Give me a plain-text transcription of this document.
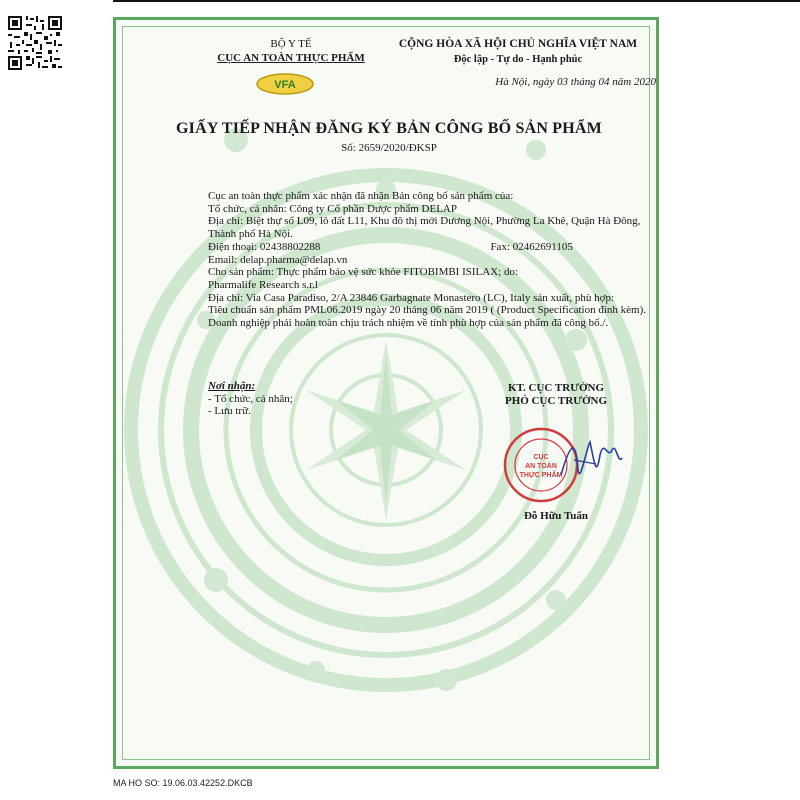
BỘ Y TẾ
CỤC AN TOÀN THỰC PHẨM
VFA
CỘNG HÒA XÃ HỘI CHỦ NGHĨA VIỆT NAM
Độc lập - Tự do - Hạnh phúc
Hà Nội, ngày 03 tháng 04 năm 2020
GIẤY TIẾP NHẬN ĐĂNG KÝ BẢN CÔNG BỐ SẢN PHẨM
Số: 2659/2020/ĐKSP

Cục an toàn thực phẩm xác nhận đã nhận Bản công bố sản phẩm của:

Tổ chức, cá nhân: Công ty Cổ phần Dược phẩm DELAP

Địa chỉ: Biệt thự số L09, lô đất L11, Khu đô thị mới Dương Nội, Phường La Khê, Quận Hà Đông, Thành phố Hà Nội.

Điện thoại: 02438802288	Fax: 02462691105

Email: delap.pharma@delap.vn

Cho sản phẩm: Thực phẩm bảo vệ sức khỏe FITOBIMBI ISILAX; do:

Pharmalife Research s.r.l

Địa chỉ: Via Casa Paradiso, 2/A 23846 Garbagnate Monastero (LC), Italy sản xuất, phù hợp:

Tiêu chuẩn sản phẩm PML06.2019 ngày 20 tháng 06 năm 2019 ( (Product Specification đính kèm).

Doanh nghiệp phải hoàn toàn chịu trách nhiệm về tính phù hợp của sản phẩm đã công bố./.

Nơi nhận:
- Tổ chức, cá nhân;
- Lưu trữ.
KT. CỤC TRƯỞNG
PHÓ CỤC TRƯỞNG
CỤC
AN TOÀN
THỰC PHẨM
Đỗ Hữu Tuấn
MA HO SO: 19.06.03.42252.DKCB
